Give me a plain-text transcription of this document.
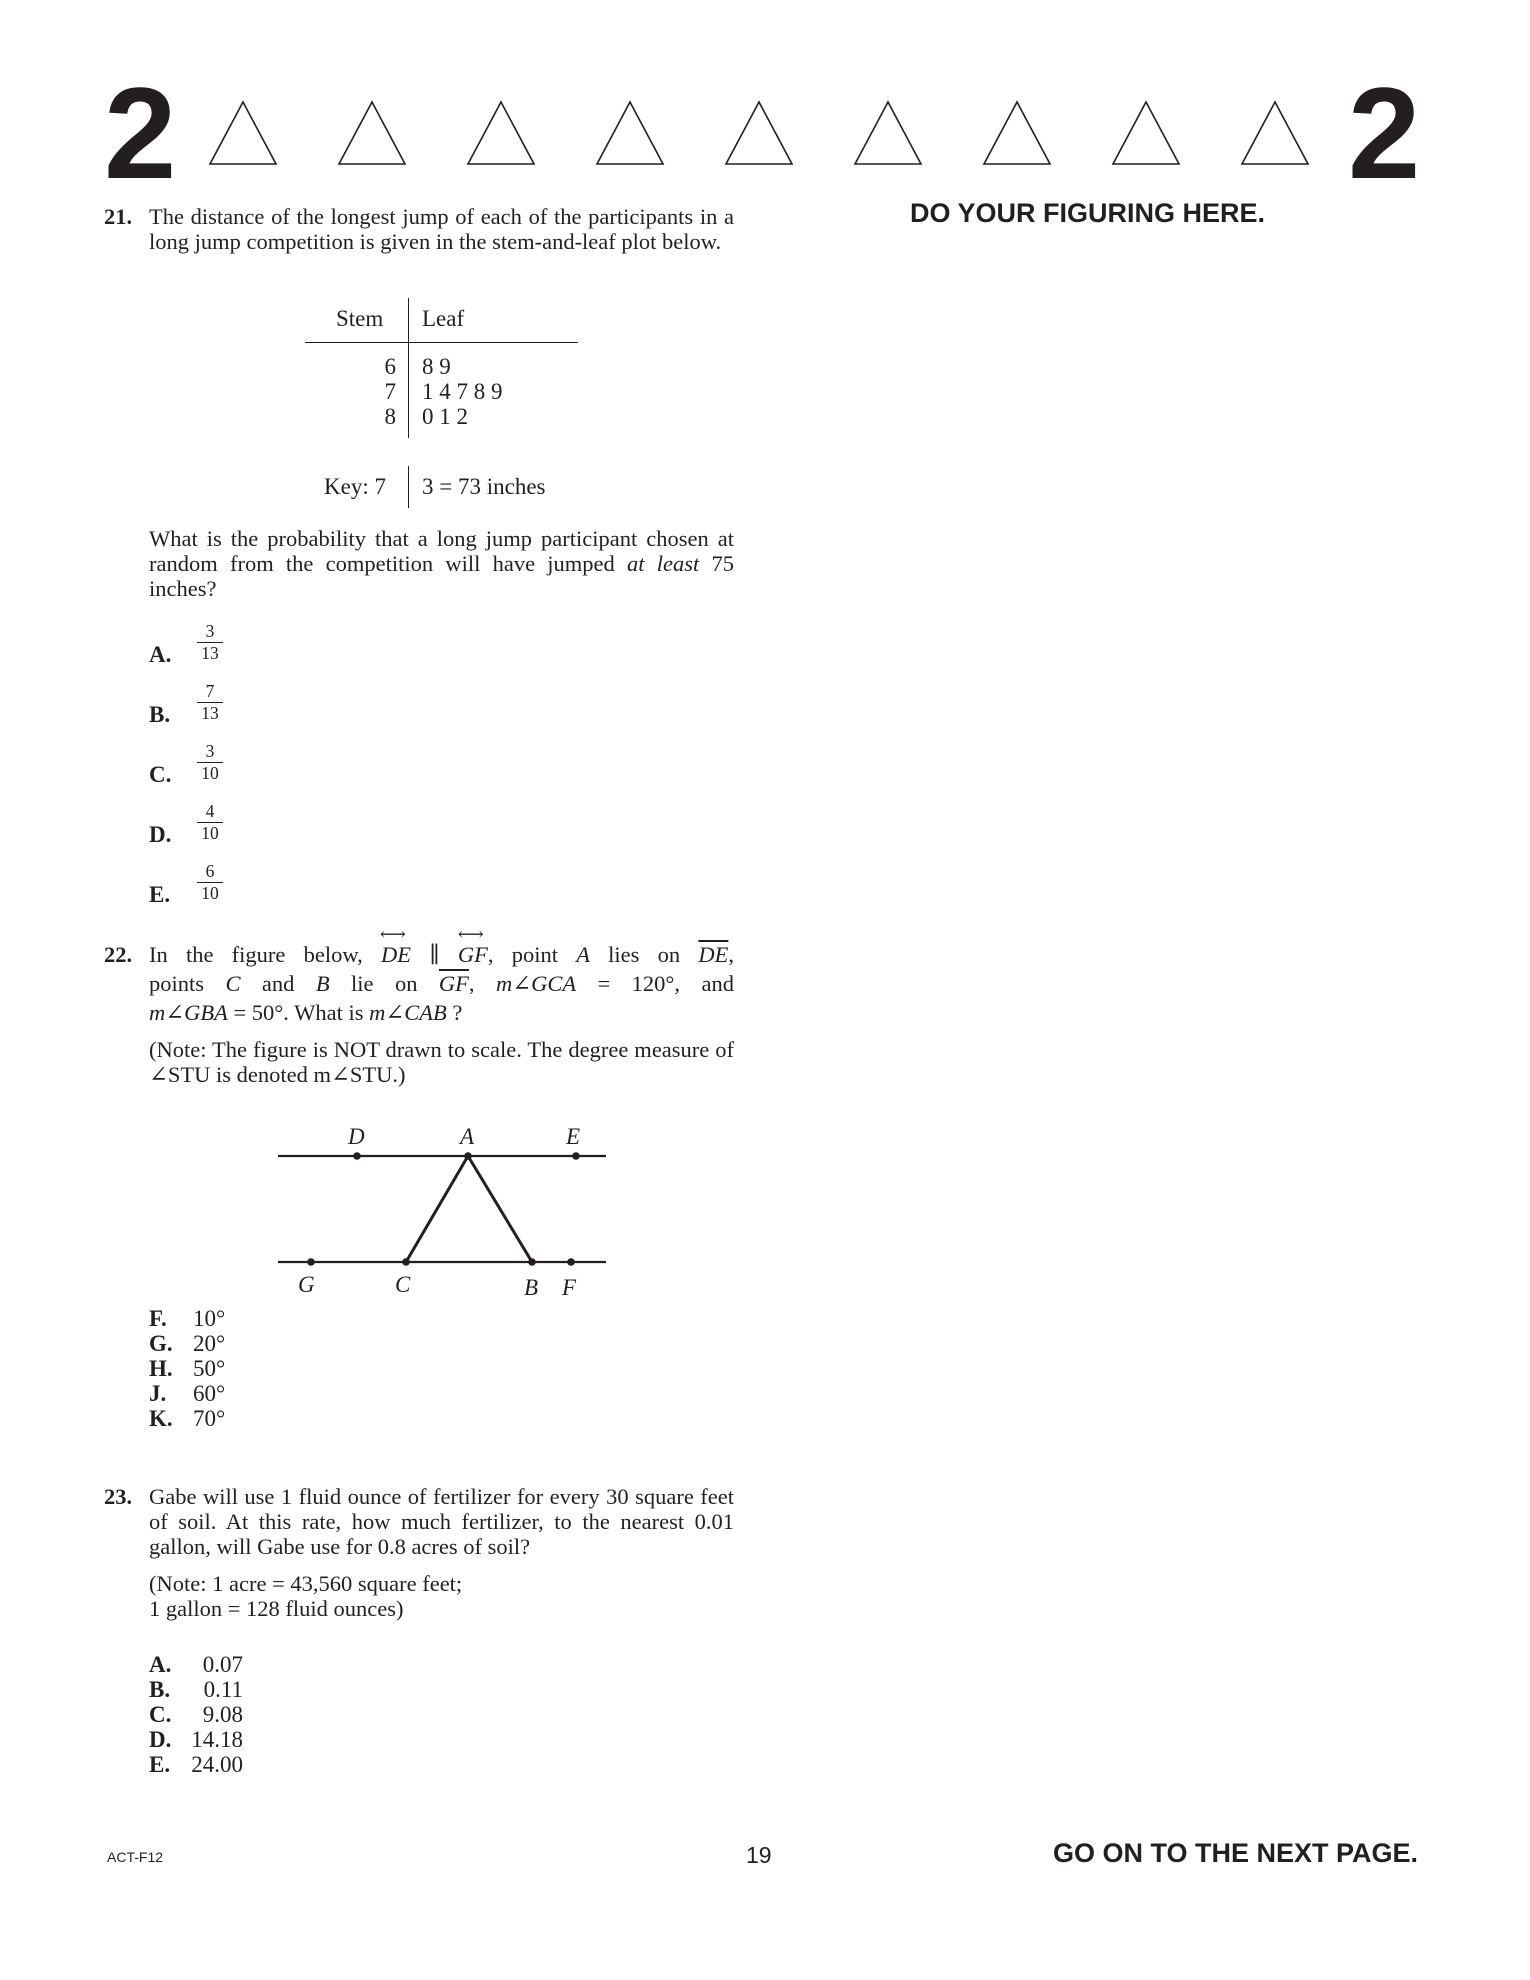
2	2
DO YOUR FIGURING HERE.
21. The distance of the longest jump of each of the participants in a long jump competition is given in the stem-and-leaf plot below.

Stem Leaf
6 8 9
7 1 4 7 8 9
8 0 1 2
Key: 7 3 = 73 inches

What is the probability that a long jump participant chosen at random from the competition will have jumped at least 75 inches?

A.	$\frac{3}{13}$
B.	$\frac{7}{13}$
C.	$\frac{3}{10}$
D.	$\frac{4}{10}$
E.	$\frac{6}{10}$
22. In the figure below,
⟷
DE ∥
⟷
GF, point A lies on $\overline{DE}$,

points C and B lie on $\overline{GF}$, m∠GCA = 120°, and

m∠GBA = 50°. What is m∠CAB ?

(Note: The figure is NOT drawn to scale. The degree measure of ∠STU is denoted m∠STU.)

D	A	E
G	C	B F
F. 10°
G. 20°
H. 50°
J. 60°
K. 70°
23. Gabe will use 1 fluid ounce of fertilizer for every 30 square feet of soil. At this rate, how much fertilizer, to the nearest 0.01 gallon, will Gabe use for 0.8 acres of soil?

(Note: 1 acre = 43,560 square feet;
1 gallon = 128 fluid ounces)

A.	0.07
B.	0.11
C.	9.08
D. 14.18
E. 24.00
ACT-F12	19	GO ON TO THE NEXT PAGE.
